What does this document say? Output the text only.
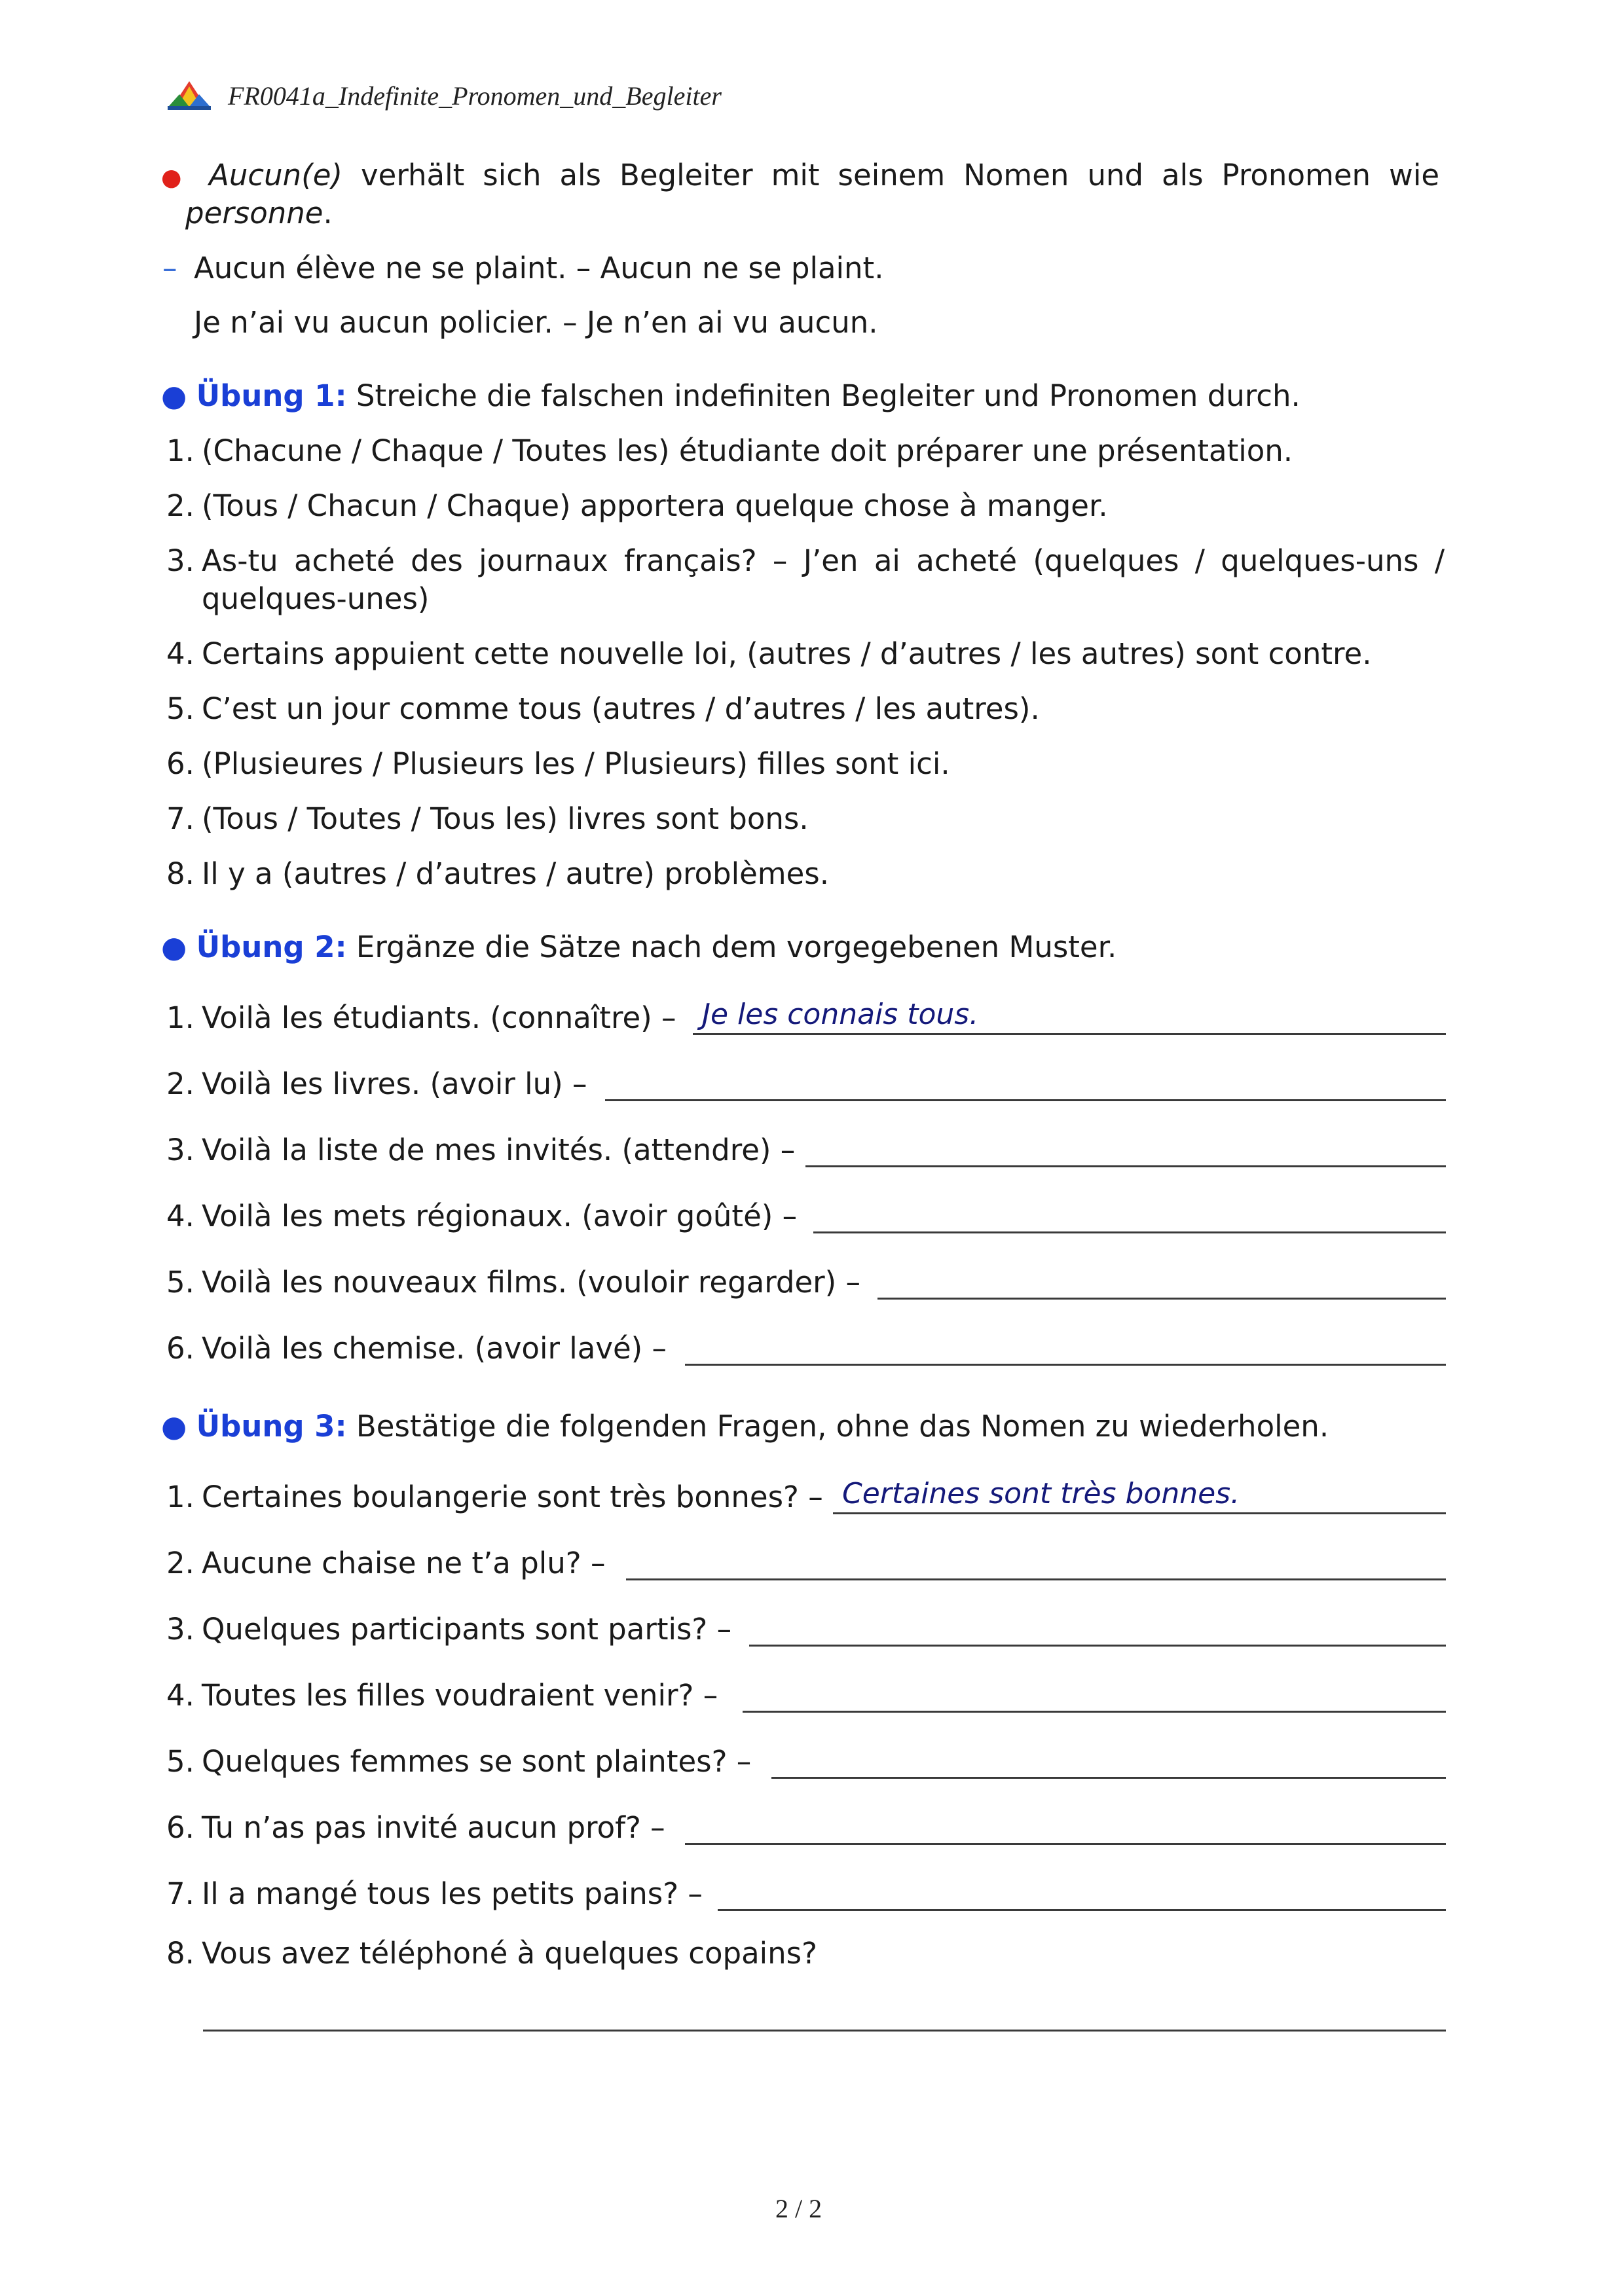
FR0041a_Indefinite_Pronomen_und_Begleiter
● Aucun(e) verhält sich als Begleiter mit seinem Nomen und als Pronomen wie
personne.
– Aucun élève ne se plaint. – Aucun ne se plaint.
Je n’ai vu aucun policier. – Je n’en ai vu aucun.
● Übung 1: Streiche die falschen indefiniten Begleiter und Pronomen durch.
1. (Chacune / Chaque / Toutes les) étudiante doit préparer une présentation.
2. (Tous / Chacun / Chaque) apportera quelque chose à manger.
3. As-tu acheté des journaux français? – J’en ai acheté (quelques / quelques-uns /
quelques-unes)
4. Certains appuient cette nouvelle loi, (autres / d’autres / les autres) sont contre.
5. C’est un jour comme tous (autres / d’autres / les autres).
6. (Plusieures / Plusieurs les / Plusieurs) filles sont ici.
7. (Tous / Toutes / Tous les) livres sont bons.
8. Il y a (autres / d’autres / autre) problèmes.
● Übung 2: Ergänze die Sätze nach dem vorgegebenen Muster.
1. Voilà les étudiants. (connaître) – Je les connais tous.
2. Voilà les livres. (avoir lu) –
3. Voilà la liste de mes invités. (attendre) –
4. Voilà les mets régionaux. (avoir goûté) –
5. Voilà les nouveaux films. (vouloir regarder) –
6. Voilà les chemise. (avoir lavé) –
● Übung 3: Bestätige die folgenden Fragen, ohne das Nomen zu wiederholen.
1. Certaines boulangerie sont très bonnes? – Certaines sont très bonnes.
2. Aucune chaise ne t’a plu? –
3. Quelques participants sont partis? –
4. Toutes les filles voudraient venir? –
5. Quelques femmes se sont plaintes? –
6. Tu n’as pas invité aucun prof? –
7. Il a mangé tous les petits pains? –
8. Vous avez téléphoné à quelques copains?
2 / 2
